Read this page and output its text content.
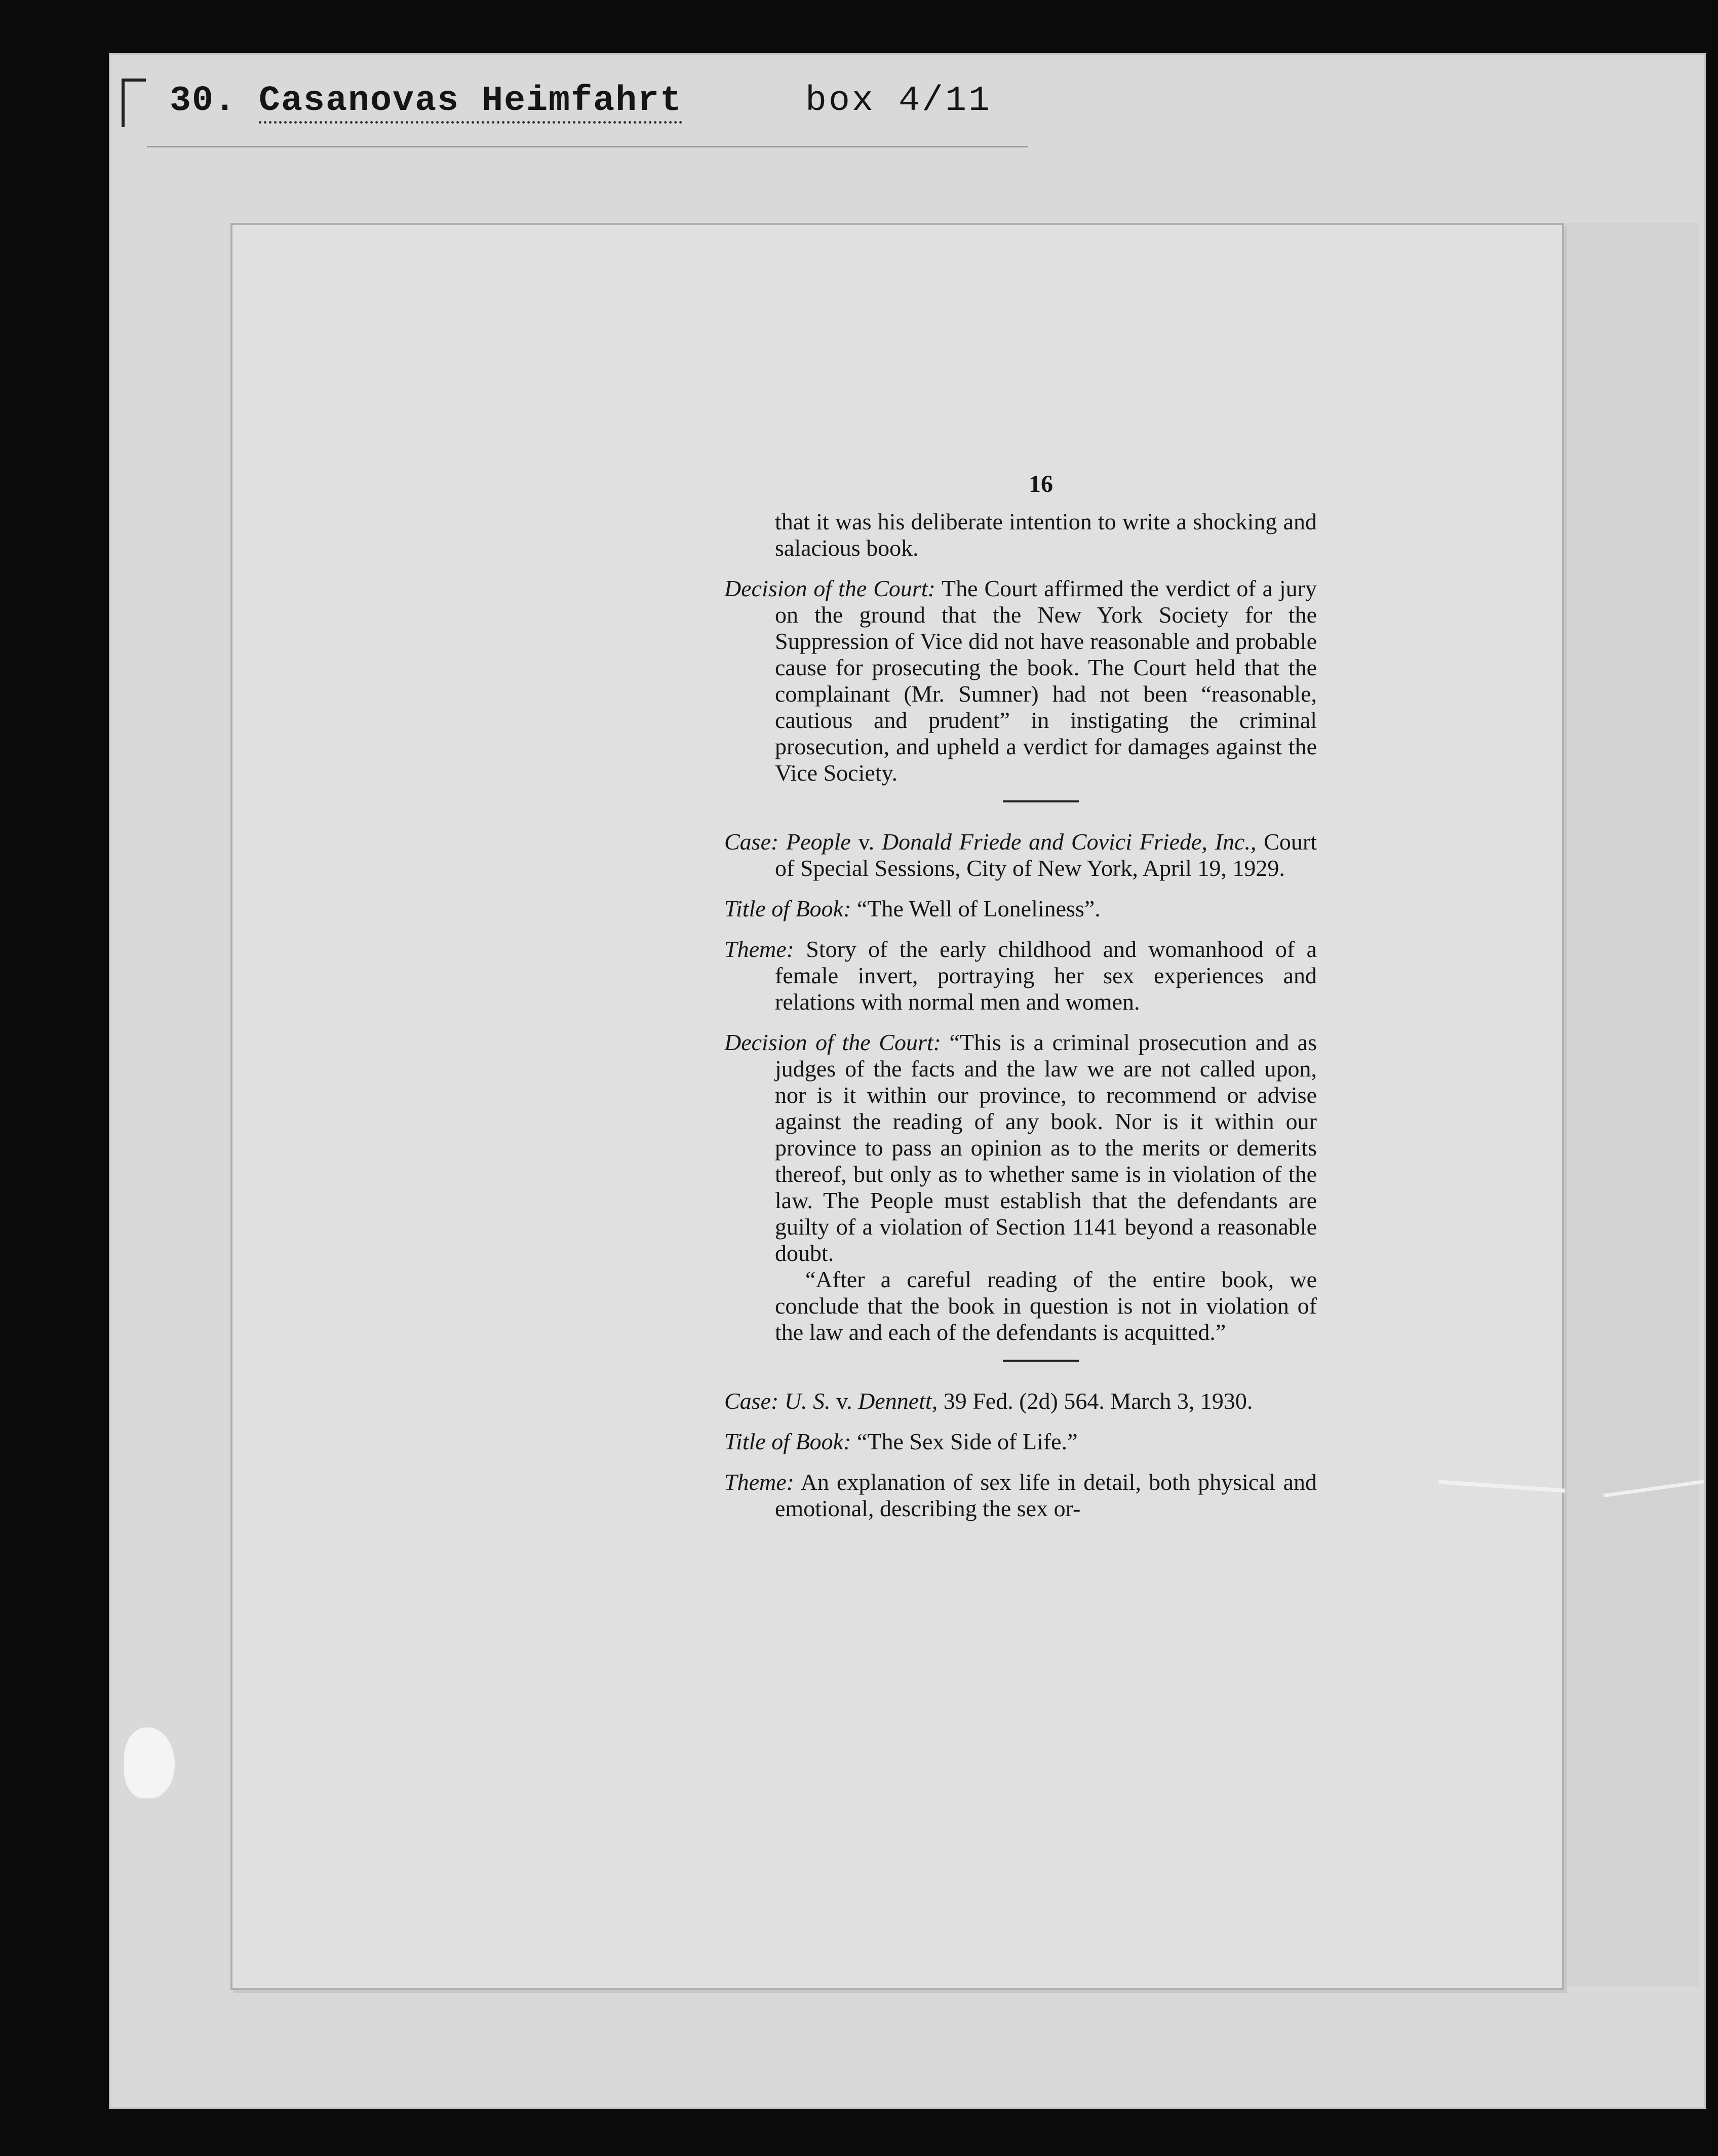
30. Casanovas Heimfahrt	box 4/11
16

that it was his deliberate intention to write a shocking and salacious book.

Decision of the Court: The Court affirmed the verdict of a jury on the ground that the New York Society for the Suppression of Vice did not have reasonable and probable cause for prosecuting the book. The Court held that the complainant (Mr. Sumner) had not been “reasonable, cautious and prudent” in instigating the criminal prosecution, and upheld a verdict for damages against the Vice Society.

Case: People v. Donald Friede and Covici Friede, Inc., Court of Special Sessions, City of New York, April 19, 1929.

Title of Book: “The Well of Loneliness”.

Theme: Story of the early childhood and womanhood of a female invert, portraying her sex experiences and relations with normal men and women.

Decision of the Court: “This is a criminal prosecution and as judges of the facts and the law we are not called upon, nor is it within our province, to recommend or advise against the reading of any book. Nor is it within our province to pass an opinion as to the merits or demerits thereof, but only as to whether same is in violation of the law. The People must establish that the defendants are guilty of a violation of Section 1141 beyond a reasonable doubt.

“After a careful reading of the entire book, we conclude that the book in question is not in violation of the law and each of the defendants is acquitted.”

Case: U. S. v. Dennett, 39 Fed. (2d) 564. March 3, 1930.

Title of Book: “The Sex Side of Life.”

Theme: An explanation of sex life in detail, both physical and emotional, describing the sex or-
